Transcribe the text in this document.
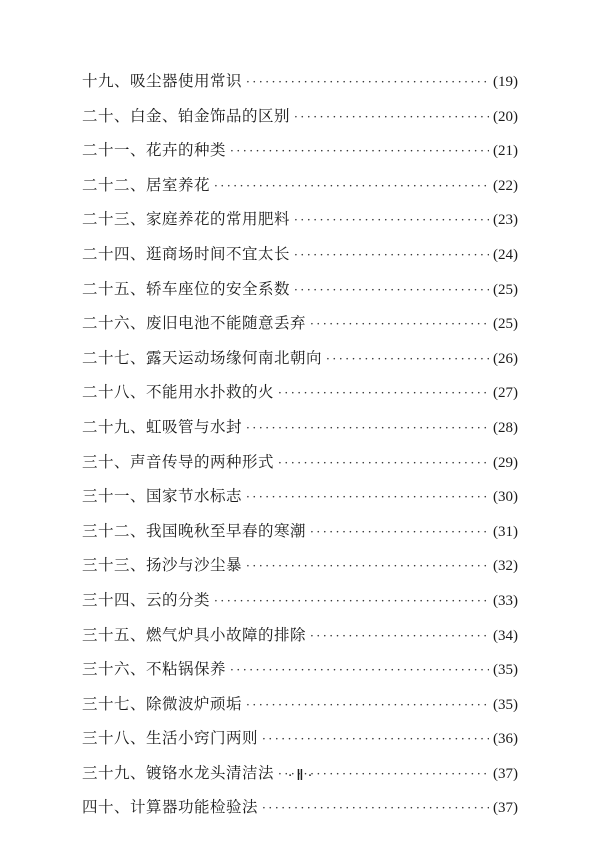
十九、吸尘器使用常识 ·····	(19)
二十、白金、铂金饰品的区别 ·····	(20)
二十一、花卉的种类 ·····	(21)
二十二、居室养花 ·····	(22)
二十三、家庭养花的常用肥料 ·····	(23)
二十四、逛商场时间不宜太长 ·····	(24)
二十五、轿车座位的安全系数 ·····	(25)
二十六、废旧电池不能随意丢弃 ·····	(25)
二十七、露天运动场缘何南北朝向 ·····	(26)
二十八、不能用水扑救的火 ·····	(27)
二十九、虹吸管与水封 ·····	(28)
三十、声音传导的两种形式 ·····	(29)
三十一、国家节水标志 ·····	(30)
三十二、我国晚秋至早春的寒潮 ·····	(31)
三十三、扬沙与沙尘暴 ·····	(32)
三十四、云的分类 ·····	(33)
三十五、燃气炉具小故障的排除 ·····	(34)
三十六、不粘锅保养 ·····	(35)
三十七、除微波炉顽垢 ·····	(35)
三十八、生活小窍门两则 ·····	(36)
三十九、镀铬水龙头清洁法 ·····	(37)
四十、计算器功能检验法 ·····	(37)
· Ⅱ ·
